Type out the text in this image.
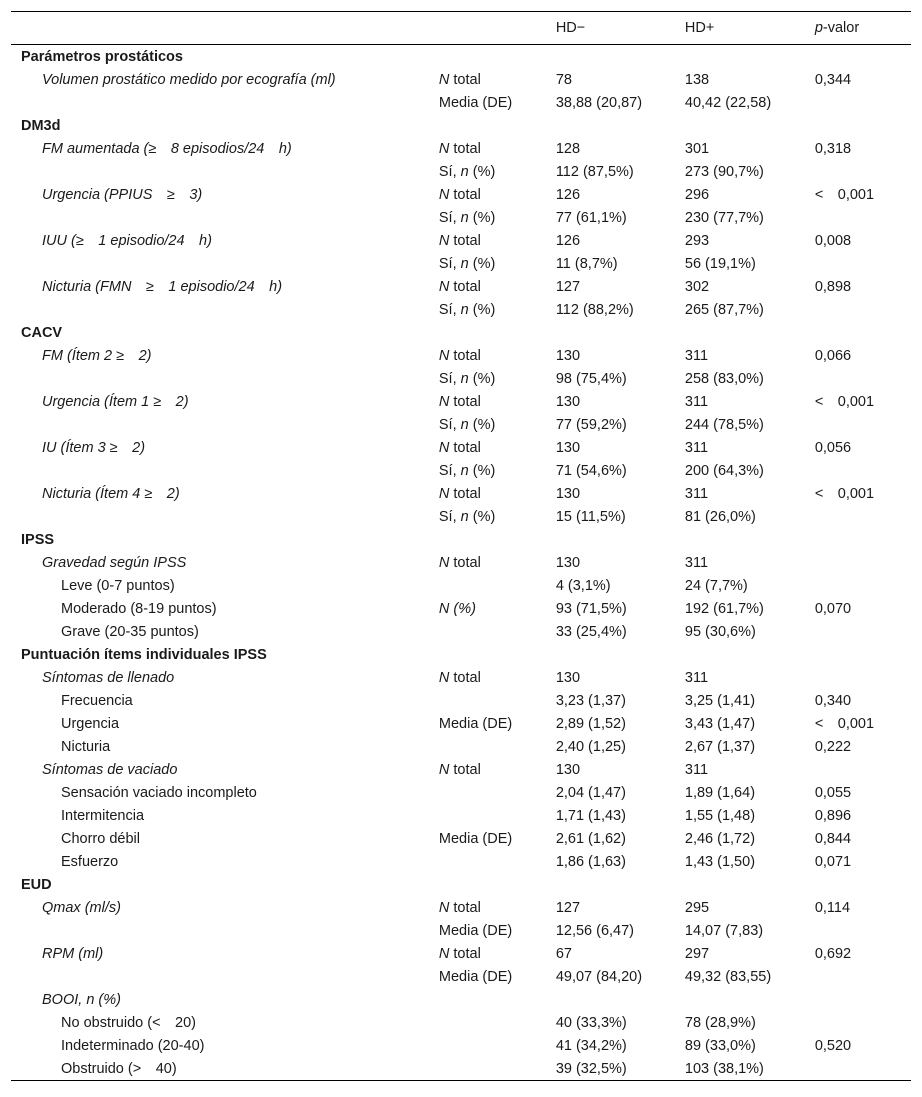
		HD−	HD+	p-valor
Parámetros prostáticos				
Volumen prostático medido por ecografía (ml)	N total	78	138	0,344
	Media (DE)	38,88 (20,87)	40,42 (22,58)	
DM3d				
FM aumentada (≥ 8 episodios/24 h)	N total	128	301	0,318
	Sí, n (%)	112 (87,5%)	273 (90,7%)	
Urgencia (PPIUS ≥ 3)	N total	126	296	< 0,001
	Sí, n (%)	77 (61,1%)	230 (77,7%)	
IUU (≥ 1 episodio/24 h)	N total	126	293	0,008
	Sí, n (%)	11 (8,7%)	56 (19,1%)	
Nicturia (FMN ≥ 1 episodio/24 h)	N total	127	302	0,898
	Sí, n (%)	112 (88,2%)	265 (87,7%)	
CACV				
FM (Ítem 2 ≥ 2)	N total	130	311	0,066
	Sí, n (%)	98 (75,4%)	258 (83,0%)	
Urgencia (Ítem 1 ≥ 2)	N total	130	311	< 0,001
	Sí, n (%)	77 (59,2%)	244 (78,5%)	
IU (Ítem 3 ≥ 2)	N total	130	311	0,056
	Sí, n (%)	71 (54,6%)	200 (64,3%)	
Nicturia (Ítem 4 ≥ 2)	N total	130	311	< 0,001
	Sí, n (%)	15 (11,5%)	81 (26,0%)	
IPSS				
Gravedad según IPSS	N total	130	311	
Leve (0-7 puntos)		4 (3,1%)	24 (7,7%)	
Moderado (8-19 puntos)	N (%)	93 (71,5%)	192 (61,7%)	0,070
Grave (20-35 puntos)		33 (25,4%)	95 (30,6%)	
Puntuación ítems individuales IPSS				
Síntomas de llenado	N total	130	311	
Frecuencia		3,23 (1,37)	3,25 (1,41)	0,340
Urgencia	Media (DE)	2,89 (1,52)	3,43 (1,47)	< 0,001
Nicturia		2,40 (1,25)	2,67 (1,37)	0,222
Síntomas de vaciado	N total	130	311	
Sensación vaciado incompleto		2,04 (1,47)	1,89 (1,64)	0,055
Intermitencia		1,71 (1,43)	1,55 (1,48)	0,896
Chorro débil	Media (DE)	2,61 (1,62)	2,46 (1,72)	0,844
Esfuerzo		1,86 (1,63)	1,43 (1,50)	0,071
EUD				
Qmax (ml/s)	N total	127	295	0,114
	Media (DE)	12,56 (6,47)	14,07 (7,83)	
RPM (ml)	N total	67	297	0,692
	Media (DE)	49,07 (84,20)	49,32 (83,55)	
BOOI, n (%)				
No obstruido (< 20)		40 (33,3%)	78 (28,9%)	
Indeterminado (20-40)		41 (34,2%)	89 (33,0%)	0,520
Obstruido (> 40)		39 (32,5%)	103 (38,1%)	
